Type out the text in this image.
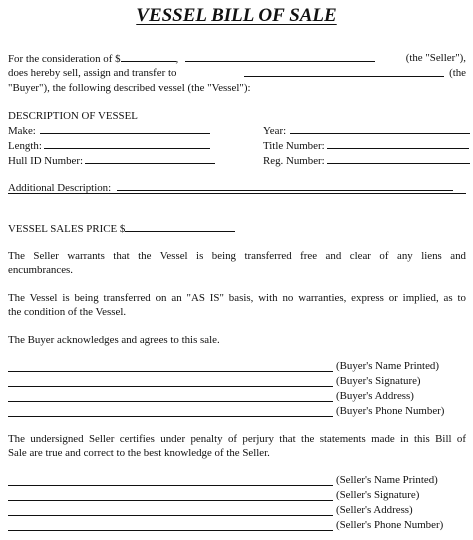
VESSEL BILL OF SALE
For the consideration of $	,	(the "Seller"),
does hereby sell, assign and transfer to	(the
"Buyer"), the following described vessel (the "Vessel"):
DESCRIPTION OF VESSEL
Make:	Year:
Length:	Title Number:
Hull ID Number:	Reg. Number:
Additional Description:
VESSEL SALES PRICE $
The Seller warrants that the Vessel is being transferred free and clear of any liens and
encumbrances.
The Vessel is being transferred on an "AS IS" basis, with no warranties, express or implied, as to
the condition of the Vessel.
The Buyer acknowledges and agrees to this sale.
(Buyer's Name Printed)
(Buyer's Signature)
(Buyer's Address)
(Buyer's Phone Number)
The undersigned Seller certifies under penalty of perjury that the statements made in this Bill of
Sale are true and correct to the best knowledge of the Seller.
(Seller's Name Printed)
(Seller's Signature)
(Seller's Address)
(Seller's Phone Number)
